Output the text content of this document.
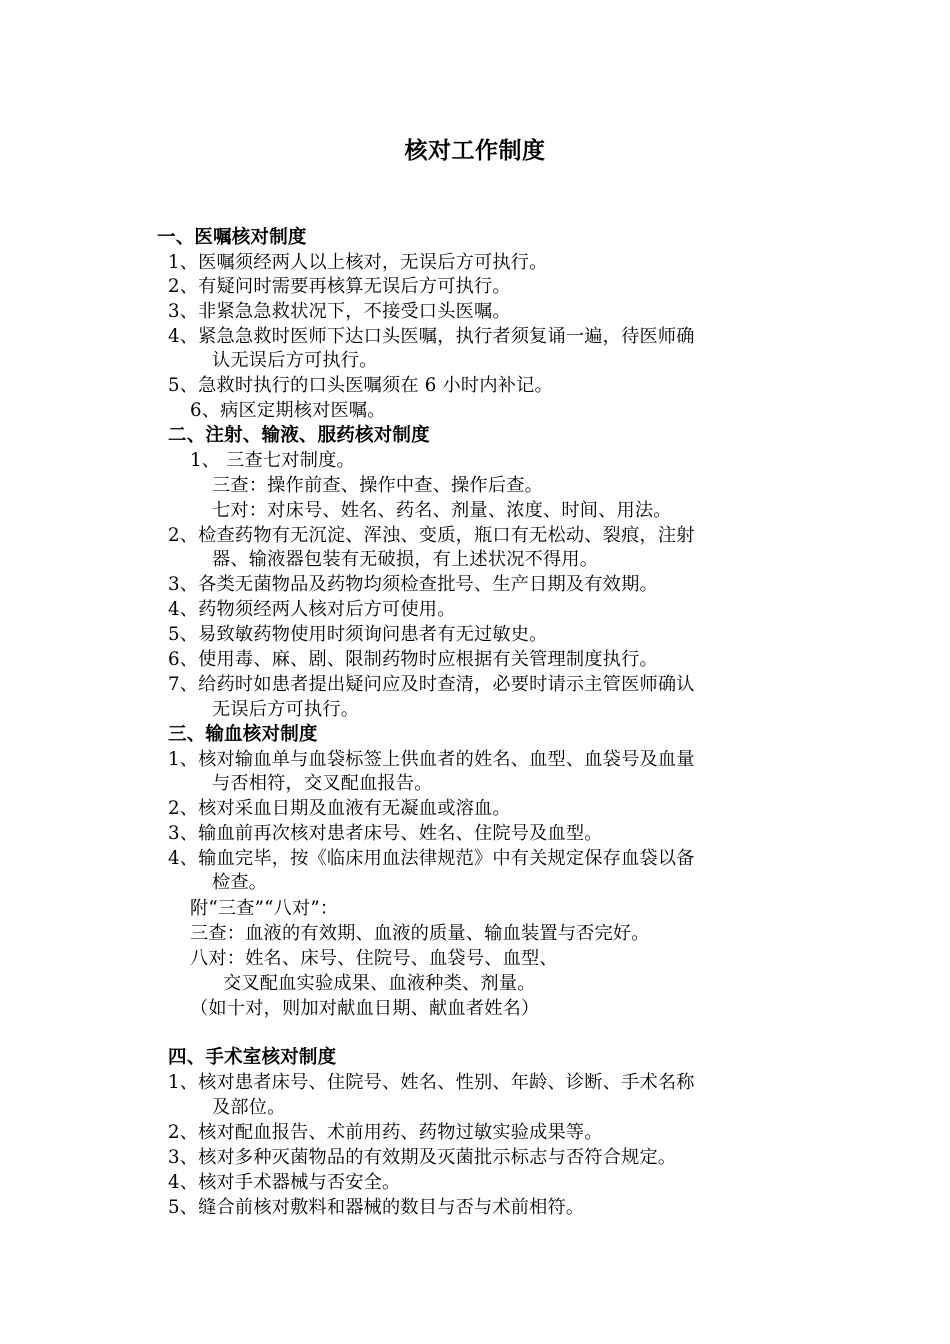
核对工作制度
一、医嘱核对制度
1、医嘱须经两人以上核对，无误后方可执行。
2、有疑问时需要再核算无误后方可执行。
3、非紧急急救状况下，不接受口头医嘱。
4、紧急急救时医师下达口头医嘱，执行者须复诵一遍，待医师确
认无误后方可执行。
5、急救时执行的口头医嘱须在 6 小时内补记。
6、病区定期核对医嘱。
二、注射、输液、服药核对制度
1、 三查七对制度。
三查：操作前查、操作中查、操作后查。
七对：对床号、姓名、药名、剂量、浓度、时间、用法。
2、检查药物有无沉淀、浑浊、变质，瓶口有无松动、裂痕，注射
器、输液器包装有无破损，有上述状况不得用。
3、各类无菌物品及药物均须检查批号、生产日期及有效期。
4、药物须经两人核对后方可使用。
5、易致敏药物使用时须询问患者有无过敏史。
6、使用毒、麻、剧、限制药物时应根据有关管理制度执行。
7、给药时如患者提出疑问应及时查清，必要时请示主管医师确认
无误后方可执行。
三、输血核对制度
1、核对输血单与血袋标签上供血者的姓名、血型、血袋号及血量
与否相符，交叉配血报告。
2、核对采血日期及血液有无凝血或溶血。
3、输血前再次核对患者床号、姓名、住院号及血型。
4、输血完毕，按《临床用血法律规范》中有关规定保存血袋以备
检查。
附“三查”“八对”：
三查：血液的有效期、血液的质量、输血装置与否完好。
八对：姓名、床号、住院号、血袋号、血型、
交叉配血实验成果、血液种类、剂量。
（如十对，则加对献血日期、献血者姓名）
四、手术室核对制度
1、核对患者床号、住院号、姓名、性别、年龄、诊断、手术名称
及部位。
2、核对配血报告、术前用药、药物过敏实验成果等。
3、核对多种灭菌物品的有效期及灭菌批示标志与否符合规定。
4、核对手术器械与否安全。
5、缝合前核对敷料和器械的数目与否与术前相符。
